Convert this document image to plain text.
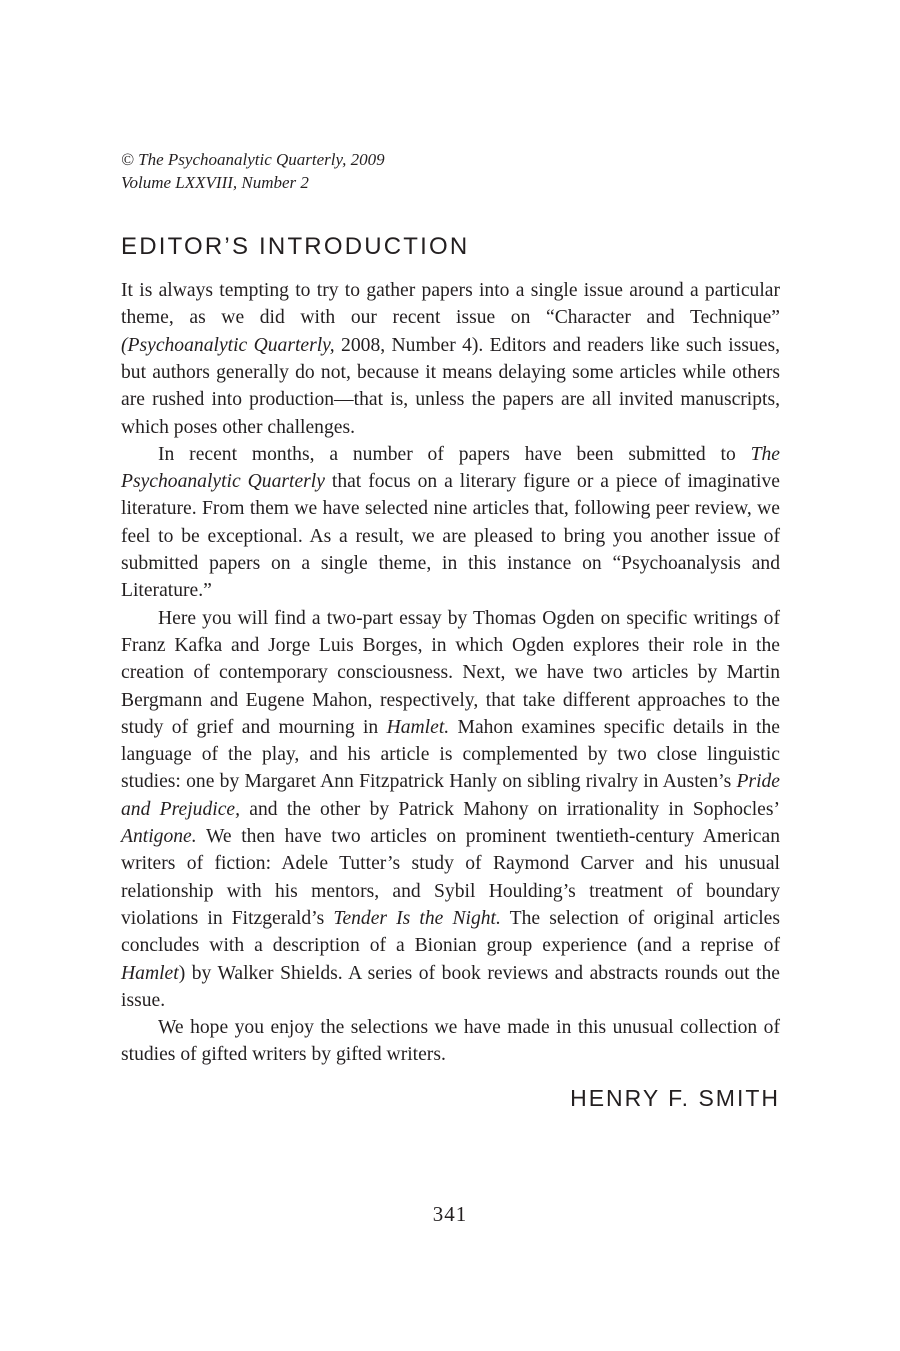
© The Psychoanalytic Quarterly, 2009
Volume LXXVIII, Number 2
EDITOR’S INTRODUCTION

It is always tempting to try to gather papers into a single issue around a particular theme, as we did with our recent issue on “Character and Technique” (Psychoanalytic Quarterly, 2008, Number 4). Editors and readers like such issues, but authors generally do not, because it means delaying some articles while others are rushed into production—that is, unless the papers are all invited manuscripts, which poses other challenges.

In recent months, a number of papers have been submitted to The Psychoanalytic Quarterly that focus on a literary figure or a piece of imaginative literature. From them we have selected nine articles that, following peer review, we feel to be exceptional. As a result, we are pleased to bring you another issue of submitted papers on a single theme, in this instance on “Psychoanalysis and Literature.”

Here you will find a two-part essay by Thomas Ogden on specific writings of Franz Kafka and Jorge Luis Borges, in which Ogden explores their role in the creation of contemporary consciousness. Next, we have two articles by Martin Bergmann and Eugene Mahon, respectively, that take different approaches to the study of grief and mourning in Hamlet. Mahon examines specific details in the language of the play, and his article is complemented by two close linguistic studies: one by Margaret Ann Fitzpatrick Hanly on sibling rivalry in Austen’s Pride and Prejudice, and the other by Patrick Mahony on irrationality in Sophocles’ Antigone. We then have two articles on prominent twentieth-century American writers of fiction: Adele Tutter’s study of Raymond Carver and his unusual relationship with his mentors, and Sybil Houlding’s treatment of boundary violations in Fitzgerald’s Tender Is the Night. The selection of original articles concludes with a description of a Bionian group experience (and a reprise of Hamlet) by Walker Shields. A series of book reviews and abstracts rounds out the issue.

We hope you enjoy the selections we have made in this unusual collection of studies of gifted writers by gifted writers.

HENRY F. SMITH
341
